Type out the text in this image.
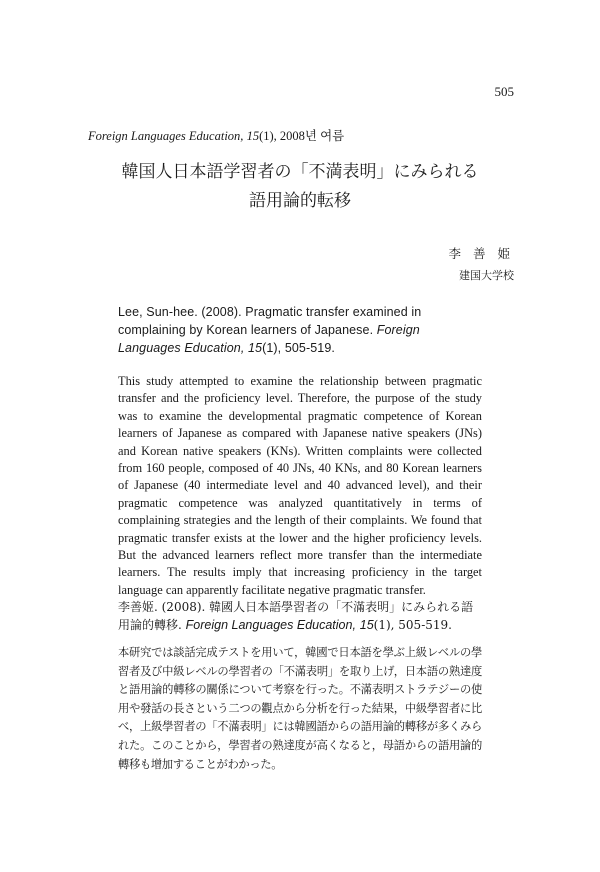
505
Foreign Languages Education, 15(1), 2008년 여름
韓国人日本語学習者の「不満表明」にみられる
語用論的転移
李 善 姫
建国大学校
Lee, Sun-hee. (2008). Pragmatic transfer examined in complaining by Korean learners of Japanese. Foreign Languages Education, 15(1), 505-519.
This study attempted to examine the relationship between pragmatic transfer and the proficiency level. Therefore, the purpose of the study was to examine the developmental pragmatic competence of Korean learners of Japanese as compared with Japanese native speakers (JNs) and Korean native speakers (KNs). Written complaints were collected from 160 people, composed of 40 JNs, 40 KNs, and 80 Korean learners of Japanese (40 intermediate level and 40 advanced level), and their pragmatic competence was analyzed quantitatively in terms of complaining strategies and the length of their complaints. We found that pragmatic transfer exists at the lower and the higher proficiency levels. But the advanced learners reflect more transfer than the intermediate learners. The results imply that increasing proficiency in the target language can apparently facilitate negative pragmatic transfer.
李善姬. (2008). 韓國人日本語學習者の「不滿表明」にみられる語用論的轉移. Foreign Languages Education, 15(1), 505-519.
本研究では談話完成テストを用いて，韓國で日本語を學ぶ上級レベルの學習者及び中級レベルの學習者の「不滿表明」を取り上げ，日本語の熟達度と語用論的轉移の關係について考察を行った。不滿表明ストラテジーの使用や發話の長さという二つの觀点から分析を行った結果，中級學習者に比べ，上級學習者の「不滿表明」には韓國語からの語用論的轉移が多くみられた。このことから，學習者の熟達度が高くなると，母語からの語用論的轉移も增加することがわかった。
